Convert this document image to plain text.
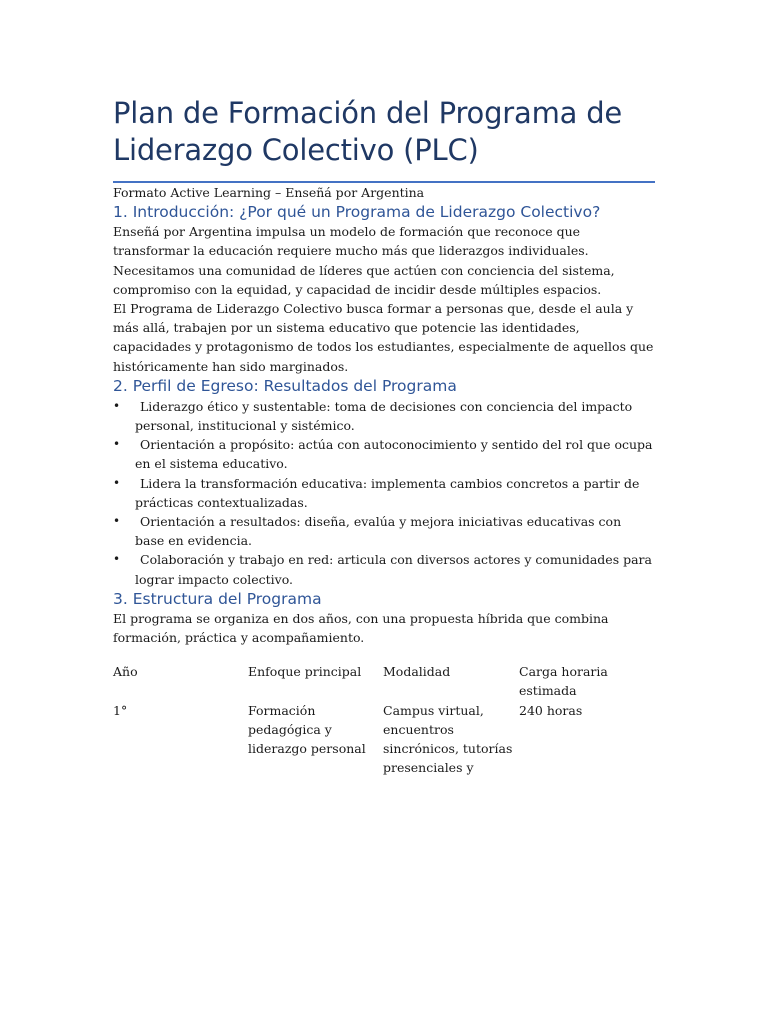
Plan de Formación del Programa de Liderazgo Colectivo (PLC)

Formato Active Learning – Enseñá por Argentina

1. Introducción: ¿Por qué un Programa de Liderazgo Colectivo?

Enseñá por Argentina impulsa un modelo de formación que reconoce que transformar la educación requiere mucho más que liderazgos individuales. Necesitamos una comunidad de líderes que actúen con conciencia del sistema, compromiso con la equidad, y capacidad de incidir desde múltiples espacios.

El Programa de Liderazgo Colectivo busca formar a personas que, desde el aula y más allá, trabajen por un sistema educativo que potencie las identidades, capacidades y protagonismo de todos los estudiantes, especialmente de aquellos que históricamente han sido marginados.

2. Perfil de Egreso: Resultados del Programa
•	Liderazgo ético y sustentable: toma de decisiones con conciencia del impacto personal, institucional y sistémico.
•	Orientación a propósito: actúa con autoconocimiento y sentido del rol que ocupa en el sistema educativo.
•	Lidera la transformación educativa: implementa cambios concretos a partir de prácticas contextualizadas.
•	Orientación a resultados: diseña, evalúa y mejora iniciativas educativas con base en evidencia.
•	Colaboración y trabajo en red: articula con diversos actores y comunidades para lograr impacto colectivo.
3. Estructura del Programa

El programa se organiza en dos años, con una propuesta híbrida que combina formación, práctica y acompañamiento.

Año	Enfoque principal	Modalidad	Carga horaria estimada
1°	Formación pedagógica y liderazgo personal	Campus virtual, encuentros sincrónicos, tutorías presenciales y	240 horas
